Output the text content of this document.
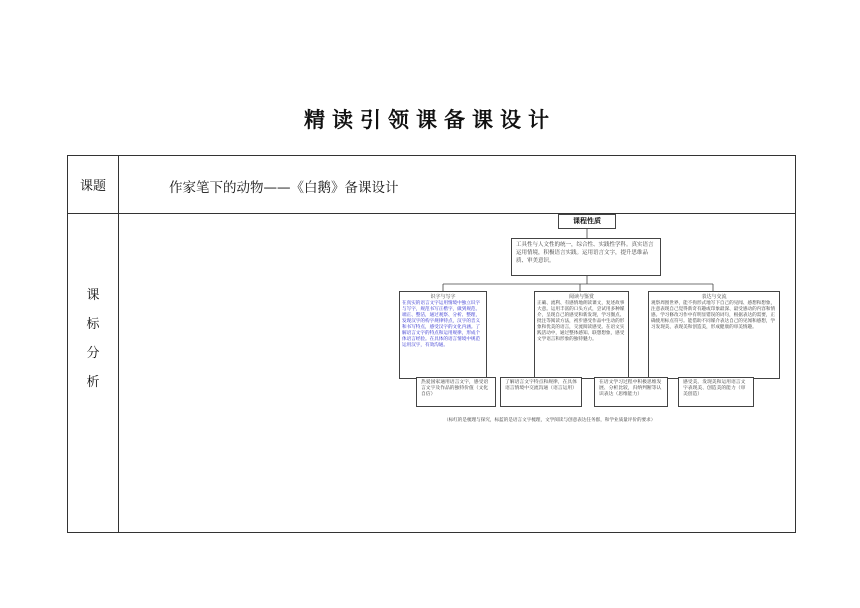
精读引领课备课设计
课题	作家笔下的动物——《白鹅》备课设计
课
标
分
析
课程性质
工具性与人文性的统一，综合性、实践性学科。真实语言运用情境，积极语言实践。运用语言文字，提升思维品质、审美意识。
识字与写字
在真实的语言文字运用情境中独立识字与写字，规范书写正楷字，做到规范、端正、整洁，通过观察、分析、整理，发现汉字的构字规律特点，汉字的音义和书写特点，感受汉字的文化内涵。了解语言文字的特点和运用规律，形成个体语言经验。在具体的语言情境中规范运用汉字，有效沟通。
阅读与鉴赏
正确、流利、有感情地朗读课文，复述故事大意。运用丰富的口头方式，尝试用多种媒介，呈现自己的感受和新发现，学习圈点、批注等阅读方法，初步感受作品中生动的形象和优美的语言，交流阅读感受。在语文实践活动中，通过整体感知、联想想象，感受文学语言和形象的独特魅力。
表达与交流
观察周围世界，能不拘形式地写下自己的见闻、感想和想象，注意表现自己觉得新奇有趣或印象最深、最受感动的内容和情感。学习修改习作中有明显错误的词句，根据表达的需要，正确使用标点符号。能借助不同媒介表达自己的见闻和感想，学习发现美、表现美和创造美，形成健康的审美情趣。
热爱国家通用语言文字，感受语言文字及作品的独特价值（文化自信）
了解语言文字特点和规律，在具体语言情境中交流沟通（语言运用）
在语文学习过程中积极思维发展、分析比较，归纳判断等认识表达（思维能力）
感受美、发现美和运用语言文字表现美、创造美的能力（审美创造）
（标红的是梳理与探究，标蓝的是语言文字梳理，文学阅读与创意表达任务群，和学业质量评价的要求）
